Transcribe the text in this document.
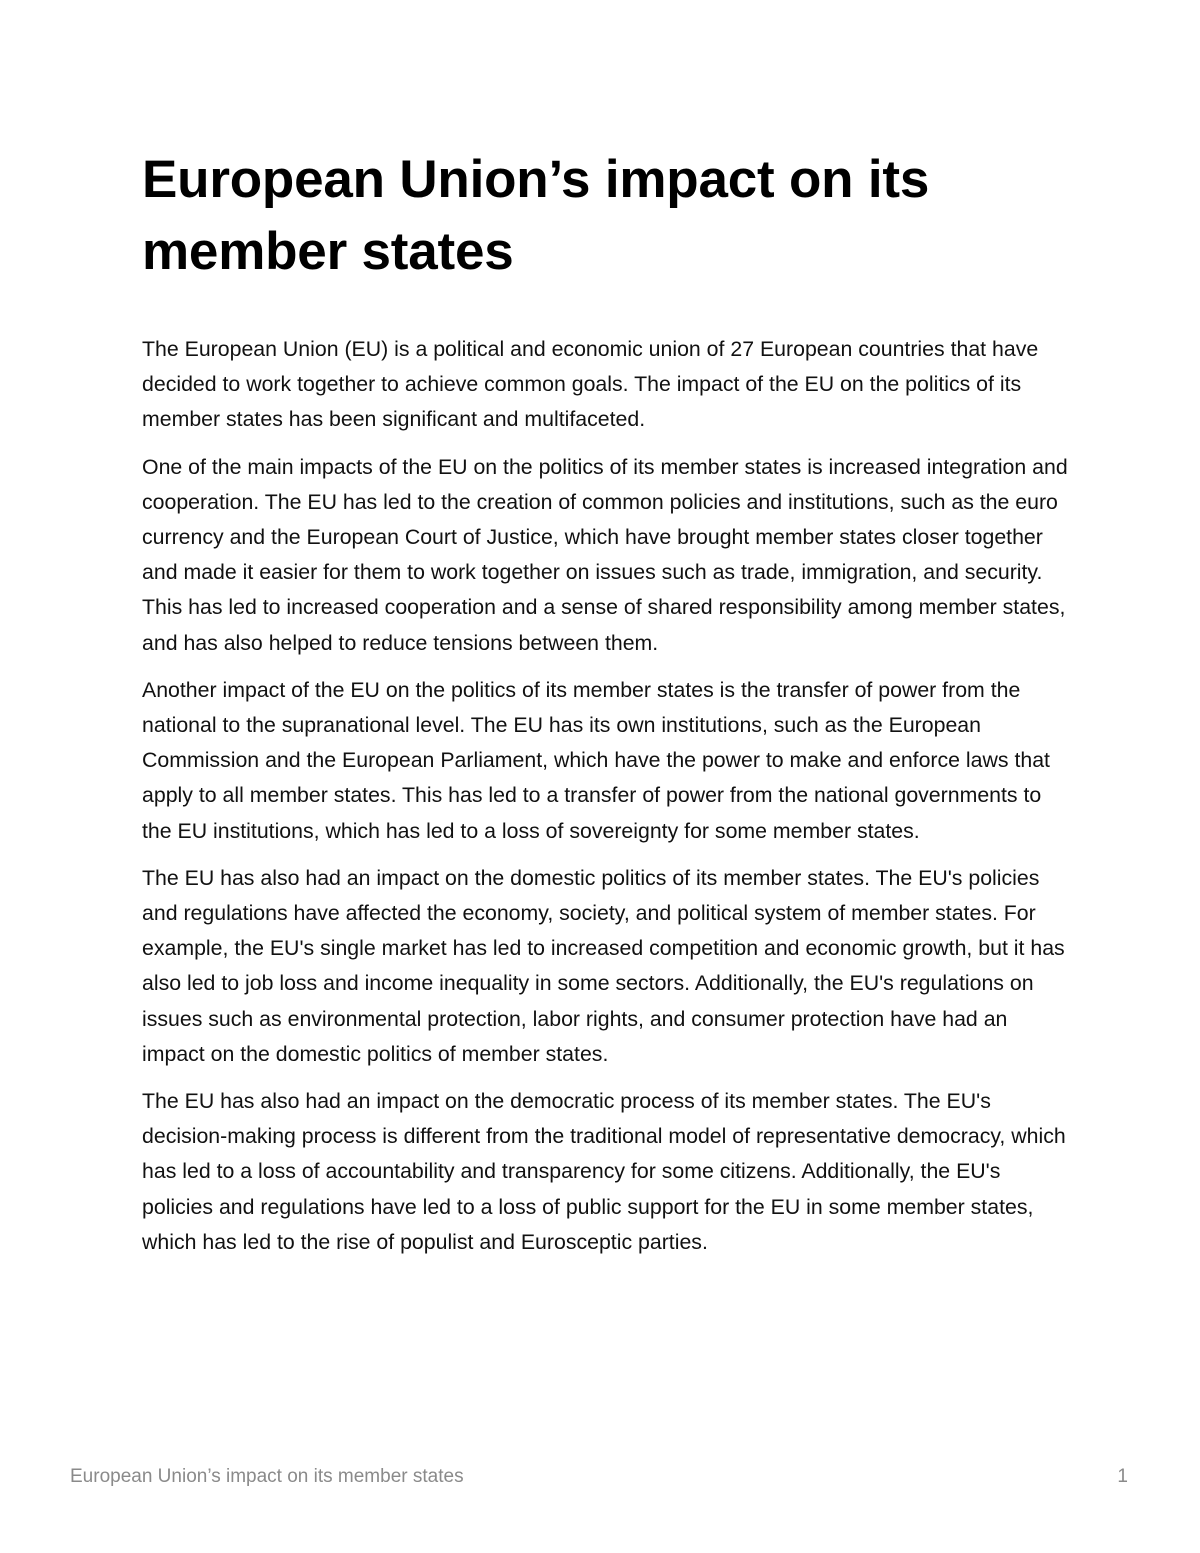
European Union’s impact on its member states

The European Union (EU) is a political and economic union of 27 European countries that have decided to work together to achieve common goals. The impact of the EU on the politics of its member states has been significant and multifaceted.

One of the main impacts of the EU on the politics of its member states is increased integration and cooperation. The EU has led to the creation of common policies and institutions, such as the euro currency and the European Court of Justice, which have brought member states closer together and made it easier for them to work together on issues such as trade, immigration, and security. This has led to increased cooperation and a sense of shared responsibility among member states, and has also helped to reduce tensions between them.

Another impact of the EU on the politics of its member states is the transfer of power from the national to the supranational level. The EU has its own institutions, such as the European Commission and the European Parliament, which have the power to make and enforce laws that apply to all member states. This has led to a transfer of power from the national governments to the EU institutions, which has led to a loss of sovereignty for some member states.

The EU has also had an impact on the domestic politics of its member states. The EU's policies and regulations have affected the economy, society, and political system of member states. For example, the EU's single market has led to increased competition and economic growth, but it has also led to job loss and income inequality in some sectors. Additionally, the EU's regulations on issues such as environmental protection, labor rights, and consumer protection have had an impact on the domestic politics of member states.

The EU has also had an impact on the democratic process of its member states. The EU's decision-making process is different from the traditional model of representative democracy, which has led to a loss of accountability and transparency for some citizens. Additionally, the EU's policies and regulations have led to a loss of public support for the EU in some member states, which has led to the rise of populist and Eurosceptic parties.

European Union’s impact on its member states	1
